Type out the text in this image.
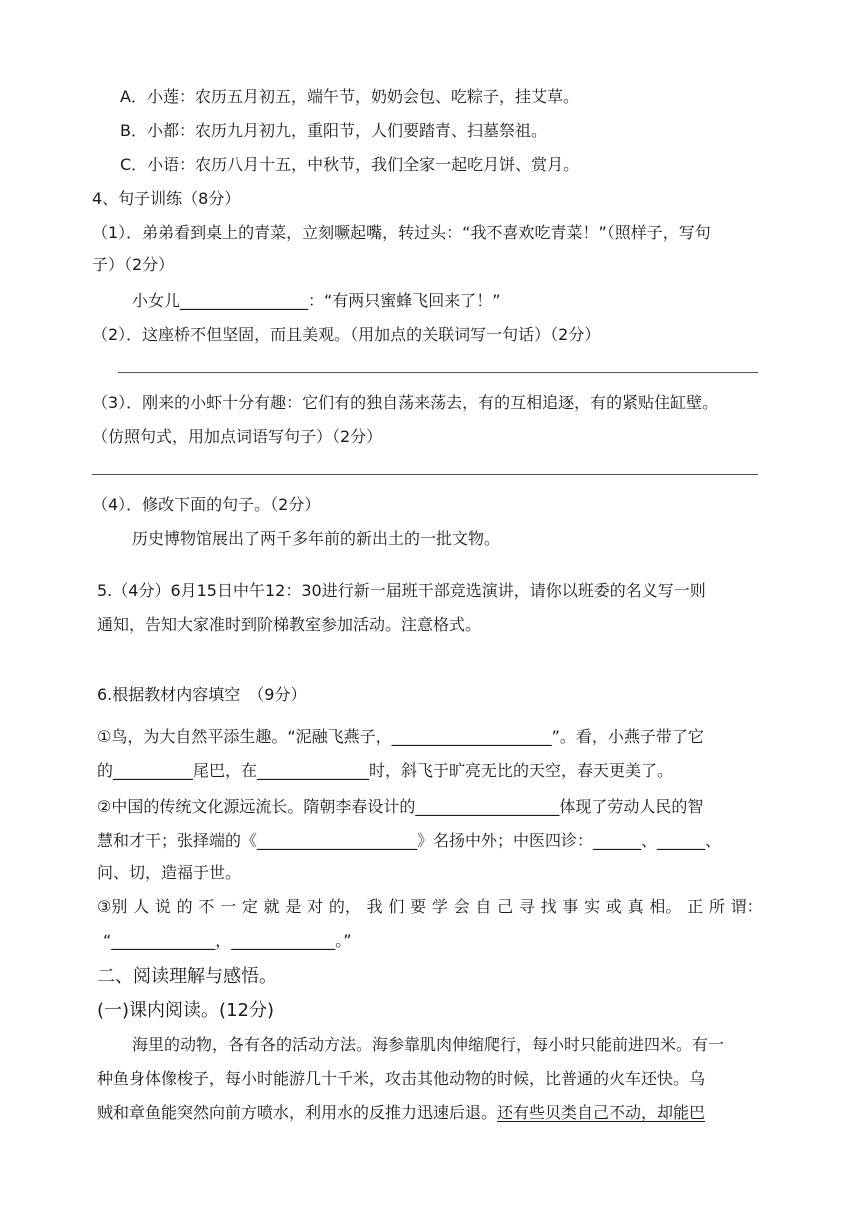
A．小莲：农历五月初五，端午节，奶奶会包、吃粽子，挂艾草。
B．小都：农历九月初九，重阳节，人们要踏青、扫墓祭祖。
C．小语：农历八月十五，中秋节，我们全家一起吃月饼、赏月。
4、句子训练（8分）
（1）．弟弟看到桌上的青菜，立刻噘起嘴，转过头：“我不喜欢吃青菜！”（照样子，写句
子）（2分）
小女儿________________：“有两只蜜蜂飞回来了！”
（2）．这座桥不但坚固，而且美观。（用加点的关联词写一句话）（2分）
（3）．刚来的小虾十分有趣：它们有的独自荡来荡去，有的互相追逐，有的紧贴住缸壁。
（仿照句式，用加点词语写句子）（2分）
（4）．修改下面的句子。（2分）
历史博物馆展出了两千多年前的新出土的一批文物。
5.（4分）6月15日中午12：30进行新一届班干部竞选演讲，请你以班委的名义写一则
通知，告知大家准时到阶梯教室参加活动。注意格式。
6.根据教材内容填空　（9分）
①鸟，为大自然平添生趣。“泥融飞燕子，____________________”。看，小燕子带了它
的__________尾巴，在______________时，斜飞于旷亮无比的天空，春天更美了。
②中国的传统文化源远流长。隋朝李春设计的__________________体现了劳动人民的智
慧和才干；张择端的《____________________》名扬中外；中医四诊：______、______、
问、切，造福于世。
③别 人 说 的 不 一 定 就 是 对 的， 我 们 要 学 会 自 己 寻 找 事 实 或 真 相。 正 所 谓：
“_____________，_____________。”
二、阅读理解与感悟。
(一)课内阅读。(12分)
海里的动物，各有各的活动方法。海参靠肌肉伸缩爬行，每小时只能前进四米。有一
种鱼身体像梭子，每小时能游几十千米，攻击其他动物的时候，比普通的火车还快。乌
贼和章鱼能突然向前方喷水，利用水的反推力迅速后退。还有些贝类自己不动，却能巴
